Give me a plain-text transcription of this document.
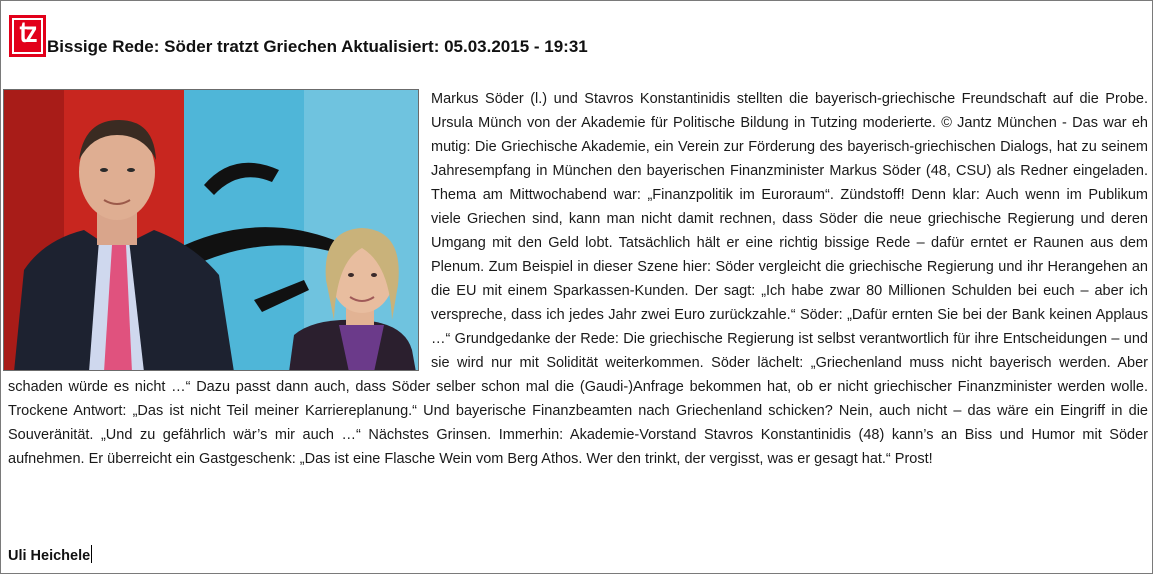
tz Bissige Rede: Söder tratzt Griechen Aktualisiert: 05.03.2015 - 19:31
Markus Söder (l.) und Stavros Konstantinidis stellten die bayerisch-griechische Freundschaft auf die Probe. Ursula Münch von der Akademie für Politische Bildung in Tutzing moderierte. © Jantz München - Das war eh mutig: Die Griechische Akademie, ein Verein zur Förderung des bayerisch-griechischen Dialogs, hat zu seinem Jahresempfang in München den bayerischen Finanzminister Markus Söder (48, CSU) als Redner eingeladen. Thema am Mittwochabend war: „Finanzpolitik im Euroraum“. Zündstoff! Denn klar: Auch wenn im Publikum viele Griechen sind, kann man nicht damit rechnen, dass Söder die neue griechische Regierung und deren Umgang mit den Geld lobt. Tatsächlich hält er eine richtig bissige Rede – dafür erntet er Raunen aus dem Plenum. Zum Beispiel in dieser Szene hier: Söder vergleicht die griechische Regierung und ihr Herangehen an die EU mit einem Sparkassen-Kunden. Der sagt: „Ich habe zwar 80 Millionen Schulden bei euch – aber ich verspreche, dass ich jedes Jahr zwei Euro zurückzahle.“ Söder: „Dafür ernten Sie bei der Bank keinen Applaus …“ Grundgedanke der Rede: Die griechische Regierung ist selbst verantwortlich für ihre Entscheidungen – und sie wird nur mit Solidität weiterkommen. Söder lächelt: „Griechenland muss nicht bayerisch werden. Aber schaden würde es nicht …“ Dazu passt dann auch, dass Söder selber schon mal die (Gaudi-)Anfrage bekommen hat, ob er nicht griechischer Finanzminister werden wolle. Trockene Antwort: „Das ist nicht Teil meiner Karriereplanung.“ Und bayerische Finanzbeamten nach Griechenland schicken? Nein, auch nicht – das wäre ein Eingriff in die Souveränität. „Und zu gefährlich wär’s mir auch …“ Nächstes Grinsen. Immerhin: Akademie-Vorstand Stavros Konstantinidis (48) kann’s an Biss und Humor mit Söder aufnehmen. Er überreicht ein Gastgeschenk: „Das ist eine Flasche Wein vom Berg Athos. Wer den trinkt, der vergisst, was er gesagt hat.“ Prost!
Uli Heichele
